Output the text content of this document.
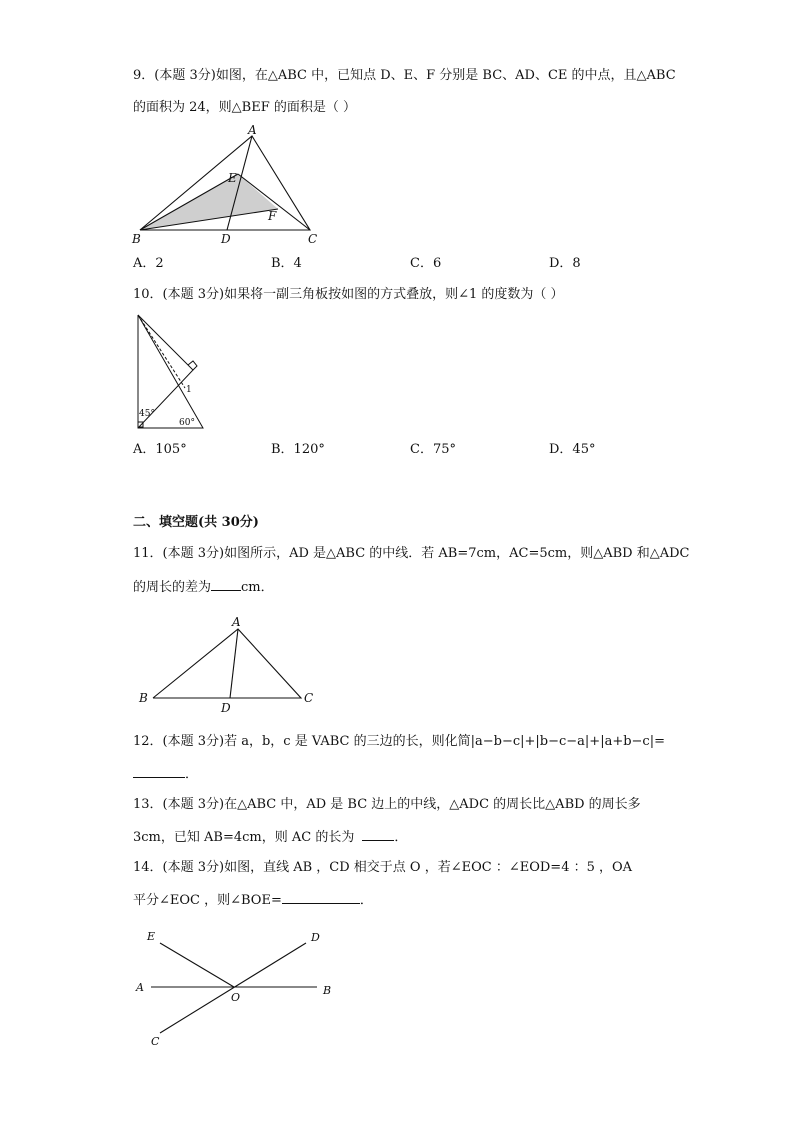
9．(本题 3分)如图，在△ABC 中，已知点 D、E、F 分别是 BC、AD、CE 的中点，且△ABC
的面积为 24，则△BEF 的面积是（ ）
A
B	C
D
E
F
A．2	B．4	C．6	D．8
10．(本题 3分)如果将一副三角板按如图的方式叠放，则∠1 的度数为（ ）
1
45°
60°
A．105°	B．120°	C．75°	D．45°
二、填空题(共 30分)
11．(本题 3分)如图所示，AD 是△ABC 的中线．若 AB=7cm，AC=5cm，则△ABD 和△ADC
的周长的差为 cm．
A
B	C
D
12．(本题 3分)若 a，b，c 是 VABC 的三边的长，则化简|a−b−c|+|b−c−a|+|a+b−c|=
．
13．(本题 3分)在△ABC 中，AD 是 BC 边上的中线，△ADC 的周长比△ABD 的周长多
3cm，已知 AB=4cm，则 AC 的长为	．
14．(本题 3分)如图，直线 AB ，CD 相交于点 O ，若∠EOC ：∠EOD=4 ：5 ，OA
平分∠EOC ，则∠BOE=	．
E	D
A	B
O
C
